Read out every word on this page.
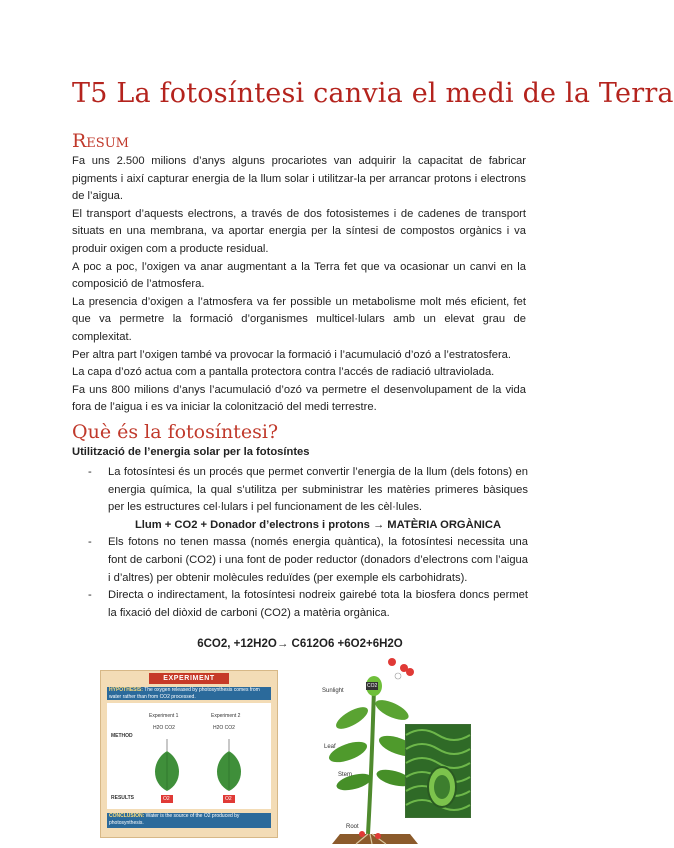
T5 La fotosíntesi canvia el medi de la Terra
Resum

Fa uns 2.500 milions d’anys alguns procariotes van adquirir la capacitat de fabricar pigments i així capturar energia de la llum solar i utilitzar-la per arrancar protons i electrons de l’aigua.

El transport d’aquests electrons, a través de dos fotosistemes i de cadenes de transport situats en una membrana, va aportar energia per la síntesi de compostos orgànics i va produir oxigen com a producte residual.

A poc a poc, l’oxigen va anar augmentant a la Terra fet que va ocasionar un canvi en la composició de l’atmosfera.

La presencia d’oxigen a l’atmosfera va fer possible un metabolisme molt més eficient, fet que va permetre la formació d’organismes multicel·lulars amb un elevat grau de complexitat.

Per altra part l’oxigen també va provocar la formació i l’acumulació d’ozó a l’estratosfera.

La capa d’ozó actua com a pantalla protectora contra l’accés de radiació ultraviolada.

Fa uns 800 milions d’anys l’acumulació d’ozó va permetre el desenvolupament de la vida fora de l’aigua i es va iniciar la colonització del medi terrestre.

Què és la fotosíntesi?
Utilització de l’energia solar per la fotosíntes
- La fotosíntesi és un procés que permet convertir l’energia de la llum (dels fotons) en energia química, la qual s’utilitza per subministrar les matèries primeres bàsiques per les estructures cel·lulars i pel funcionament de les cèl·lules.

Llum + CO2 + Donador d’electrons i protons → MATÈRIA ORGÀNICA

- Els fotons no tenen massa (només energia quàntica), la fotosíntesi necessita una font de carboni (CO2) i una font de poder reductor (donadors d’electrons com l’aigua i d’altres) per obtenir molècules reduïdes (per exemple els carbohidrats).
- Directa o indirectament, la fotosíntesi nodreix gairebé tota la biosfera doncs permet la fixació del diòxid de carboni (CO2) a matèria orgànica.
6CO2, +12H2O→ C612O6 +6O2+6H2O
EXPERIMENT
HYPOTHESIS: The oxygen released by photosynthesis comes from water rather than from CO2 processed.
Experiment 1	Experiment 2
METHOD
H2O CO2	H2O CO2
RESULTS	O2	O2
CONCLUSION: Water is the source of the O2 produced by photosynthesis.
Sunlight
CO2
Leaf
Stem
Root
